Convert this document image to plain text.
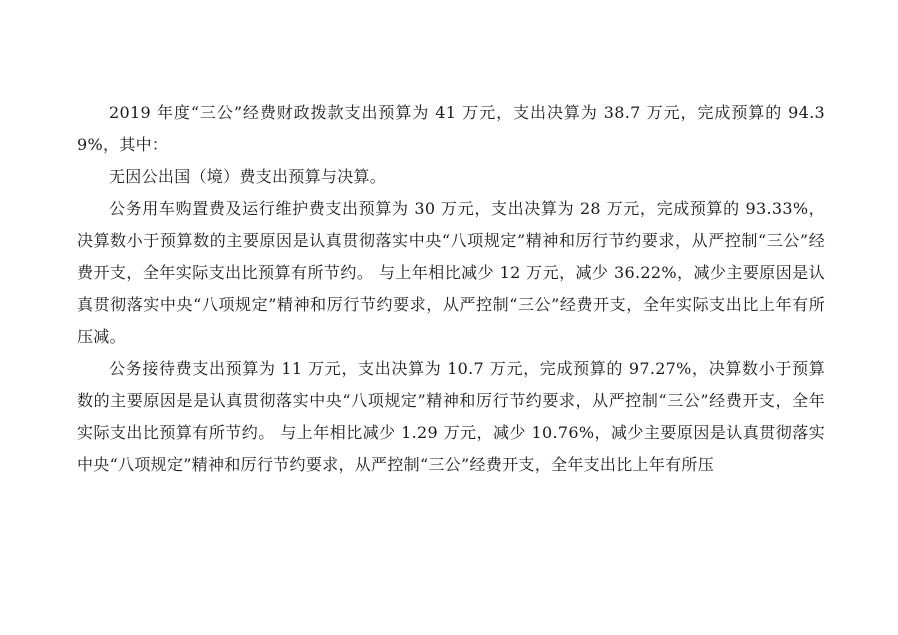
2019 年度“三公”经费财政拨款支出预算为 41 万元，支出决算为 38.7 万元，完成预算的 94.39%，其中：

无因公出国（境）费支出预算与决算。

公务用车购置费及运行维护费支出预算为 30 万元，支出决算为 28 万元，完成预算的 93.33%，决算数小于预算数的主要原因是认真贯彻落实中央“八项规定”精神和厉行节约要求，从严控制“三公”经费开支，全年实际支出比预算有所节约。 与上年相比减少 12 万元，减少 36.22%，减少主要原因是认真贯彻落实中央“八项规定”精神和厉行节约要求，从严控制“三公”经费开支，全年实际支出比上年有所压减。

公务接待费支出预算为 11 万元，支出决算为 10.7 万元，完成预算的 97.27%，决算数小于预算数的主要原因是是认真贯彻落实中央“八项规定”精神和厉行节约要求，从严控制“三公”经费开支，全年实际支出比预算有所节约。 与上年相比减少 1.29 万元，减少 10.76%，减少主要原因是认真贯彻落实中央“八项规定”精神和厉行节约要求，从严控制“三公”经费开支，全年支出比上年有所压
